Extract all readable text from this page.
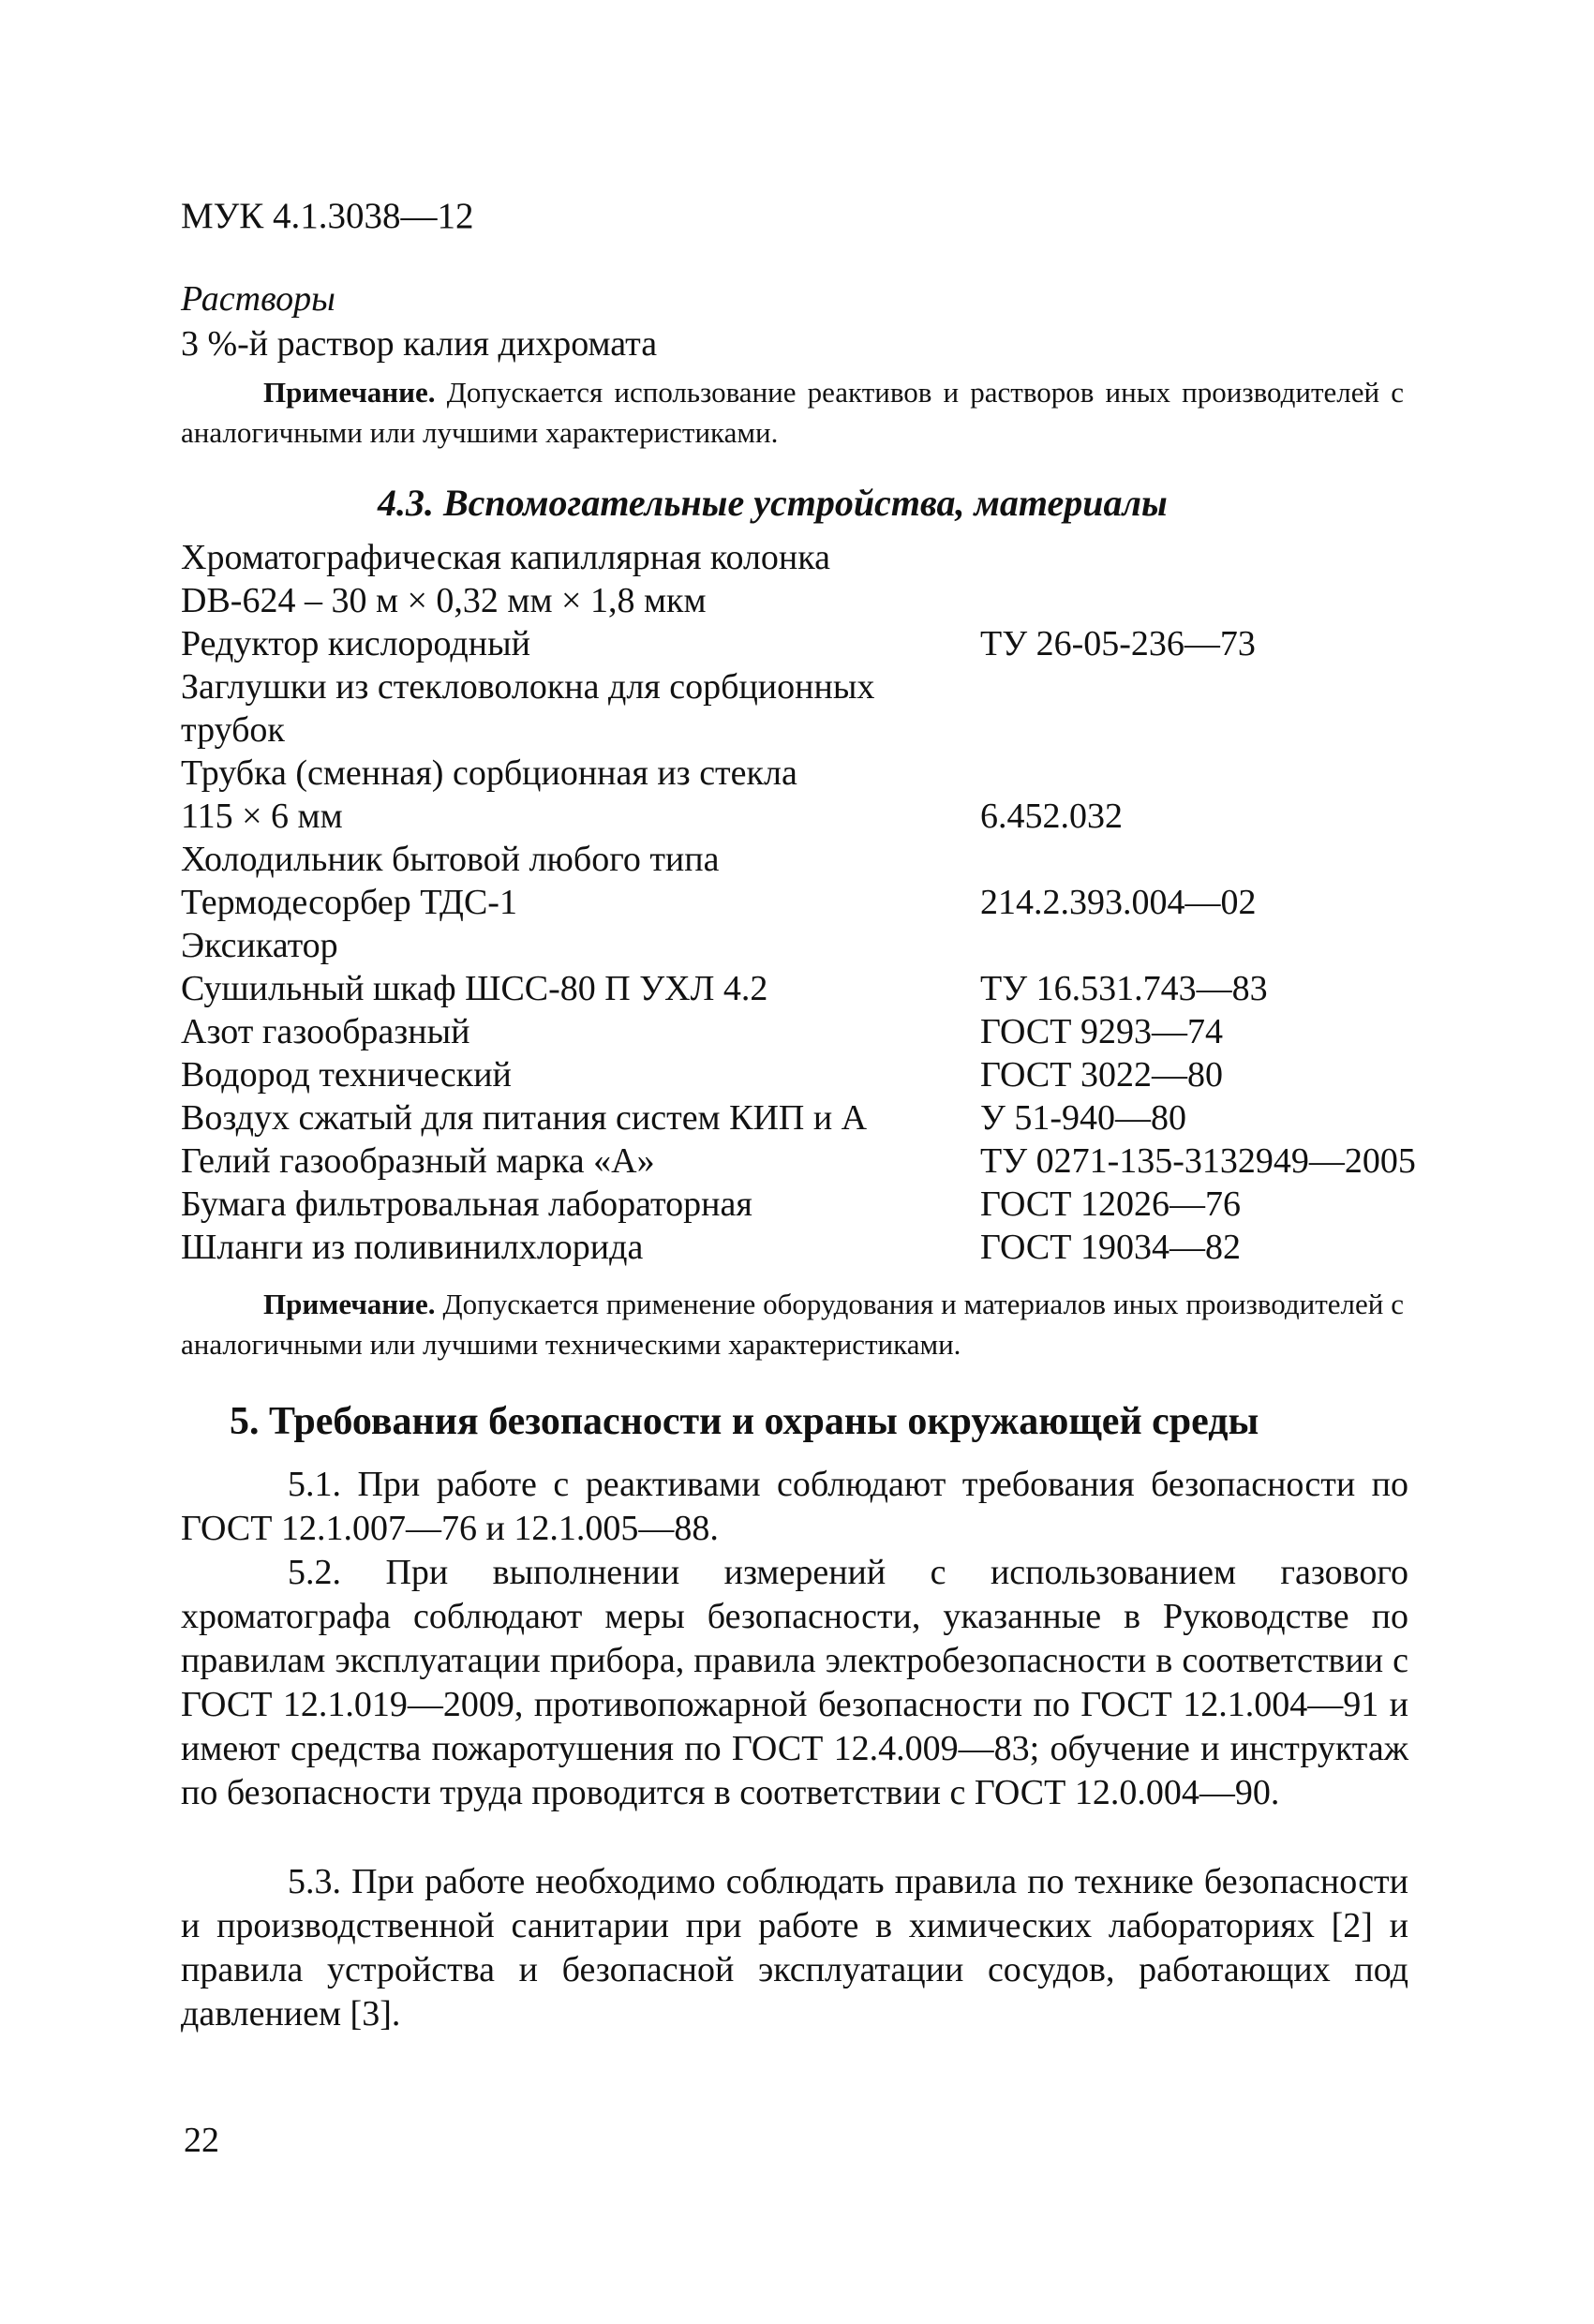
МУК 4.1.3038—12
Растворы
3 %-й раствор калия дихромата
Примечание. Допускается использование реактивов и растворов иных производителей с аналогичными или лучшими характеристиками.
4.3. Вспомогательные устройства, материалы
Хроматографическая капиллярная колонка
DB-624 – 30 м × 0,32 мм × 1,8 мкм
Редуктор кислородный	ТУ 26-05-236—73
Заглушки из стекловолокна для сорбционных
трубок
Трубка (сменная) сорбционная из стекла
115 × 6 мм	6.452.032
Холодильник бытовой любого типа
Термодесорбер ТДС-1	214.2.393.004—02
Эксикатор
Сушильный шкаф ШСС-80 П УХЛ 4.2	ТУ 16.531.743—83
Азот газообразный	ГОСТ 9293—74
Водород технический	ГОСТ 3022—80
Воздух сжатый для питания систем КИП и А	У 51-940—80
Гелий газообразный марка «А»	ТУ 0271-135-3132949—2005
Бумага фильтровальная лабораторная	ГОСТ 12026—76
Шланги из поливинилхлорида	ГОСТ 19034—82
Примечание. Допускается применение оборудования и материалов иных производителей с аналогичными или лучшими техническими характеристиками.
5. Требования безопасности и охраны окружающей среды
5.1. При работе с реактивами соблюдают требования безопасности по ГОСТ 12.1.007—76 и 12.1.005—88.
5.2. При выполнении измерений с использованием газового хроматографа соблюдают меры безопасности, указанные в Руководстве по правилам эксплуатации прибора, правила электробезопасности в соответствии с ГОСТ 12.1.019—2009, противопожарной безопасности по ГОСТ 12.1.004—91 и имеют средства пожаротушения по ГОСТ 12.4.009—83; обучение и инструктаж по безопасности труда проводится в соответствии с ГОСТ 12.0.004—90.
5.3. При работе необходимо соблюдать правила по технике безопасности и производственной санитарии при работе в химических лабораториях [2] и правила устройства и безопасной эксплуатации сосудов, работающих под давлением [3].
22
